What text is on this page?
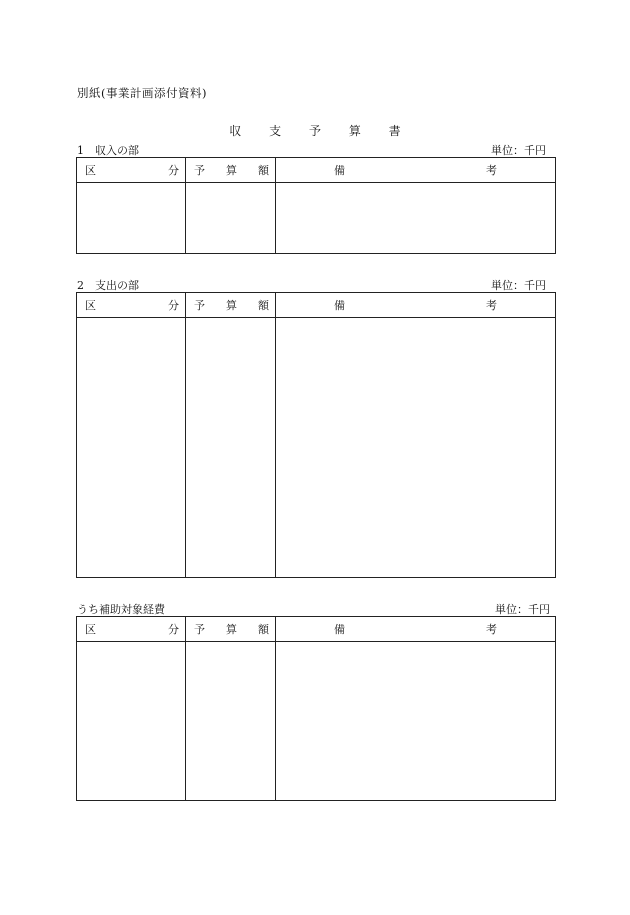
別紙(事業計画添付資料)
収 支 予 算 書
1　収入の部	単位：千円
区 分	予 算 額	備 考

2　支出の部	単位：千円
区 分	予 算 額	備 考

うち補助対象経費	単位：千円
区 分	予 算 額	備 考
